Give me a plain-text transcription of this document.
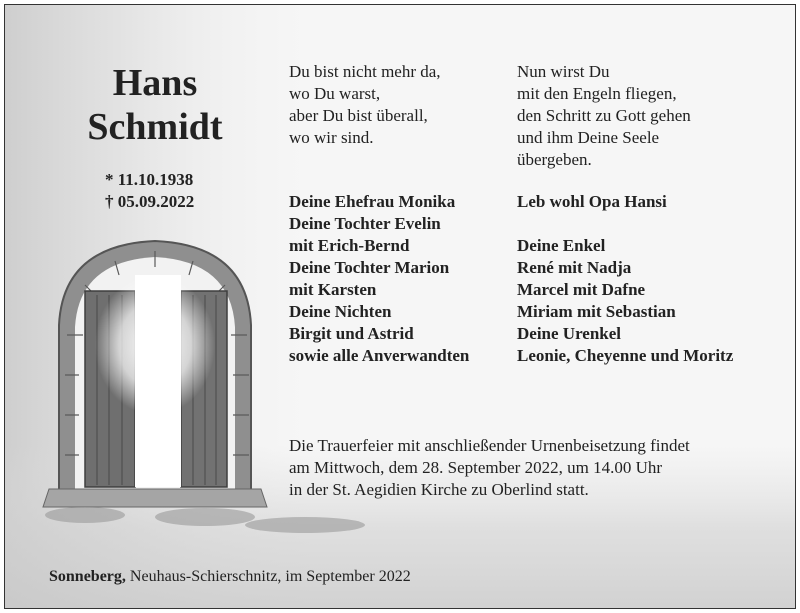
Hans
Schmidt
* 11.10.1938
† 05.09.2022
Du bist nicht mehr da,
wo Du warst,
aber Du bist überall,
wo wir sind.
Nun wirst Du
mit den Engeln fliegen,
den Schritt zu Gott gehen
und ihm Deine Seele
übergeben.
Deine Ehefrau Monika
Deine Tochter Evelin
mit Erich-Bernd
Deine Tochter Marion
mit Karsten
Deine Nichten
Birgit und Astrid
sowie alle Anverwandten
Leb wohl Opa Hansi
Deine Enkel
René mit Nadja
Marcel mit Dafne
Miriam mit Sebastian
Deine Urenkel
Leonie, Cheyenne und Moritz
Die Trauerfeier mit anschließender Urnenbeisetzung findet
am Mittwoch, dem 28. September 2022, um 14.00 Uhr
in der St. Aegidien Kirche zu Oberlind statt.
Sonneberg, Neuhaus-Schierschnitz, im September 2022
